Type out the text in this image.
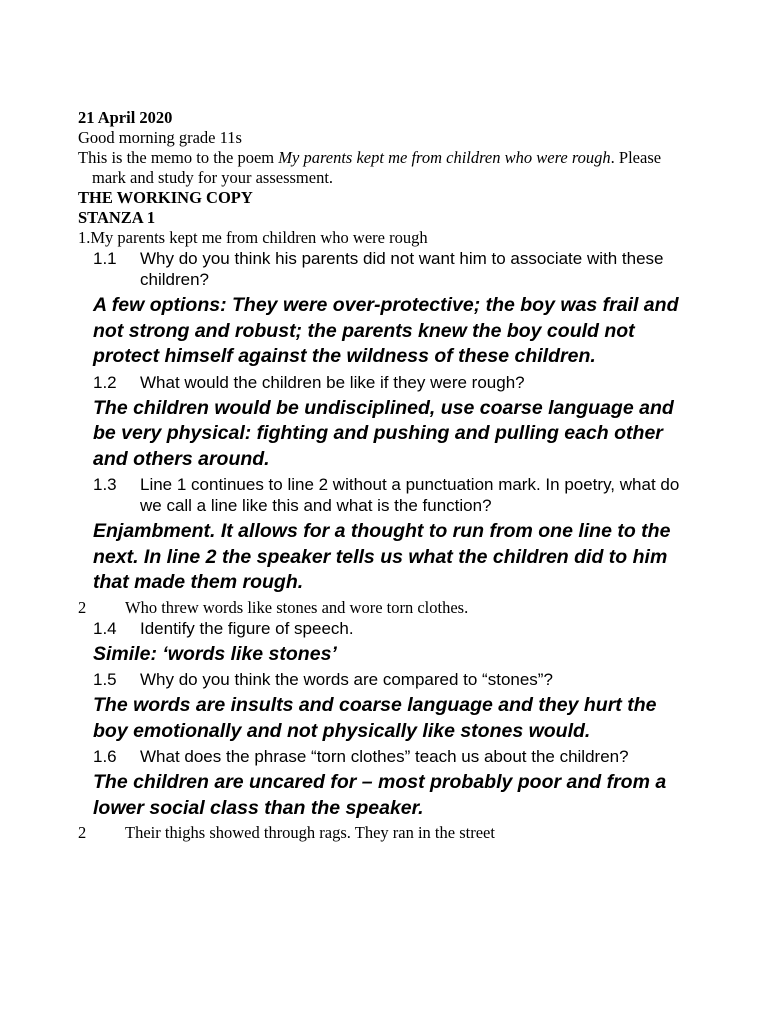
21 April 2020
Good morning grade 11s
This is the memo to the poem My parents kept me from children who were rough. Please mark and study for your assessment.
THE WORKING COPY
STANZA 1
1.My parents kept me from children who were rough
1.1	Why do you think his parents did not want him to associate with these children?
A few options: They were over-protective; the boy was frail and not strong and robust; the parents knew the boy could not protect himself against the wildness of these children.
1.2	What would the children be like if they were rough?
The children would be undisciplined, use coarse language and be very physical: fighting and pushing and pulling each other and others around.
1.3	Line 1 continues to line 2 without a punctuation mark. In poetry, what do we call a line like this and what is the function?
Enjambment. It allows for a thought to run from one line to the next. In line 2 the speaker tells us what the children did to him that made them rough.
2	Who threw words like stones and wore torn clothes.
1.4	Identify the figure of speech.
Simile: ‘words like stones’
1.5	Why do you think the words are compared to “stones”?
The words are insults and coarse language and they hurt the boy emotionally and not physically like stones would.
1.6	What does the phrase “torn clothes” teach us about the children?
The children are uncared for – most probably poor and from a lower social class than the speaker.
2	Their thighs showed through rags. They ran in the street
